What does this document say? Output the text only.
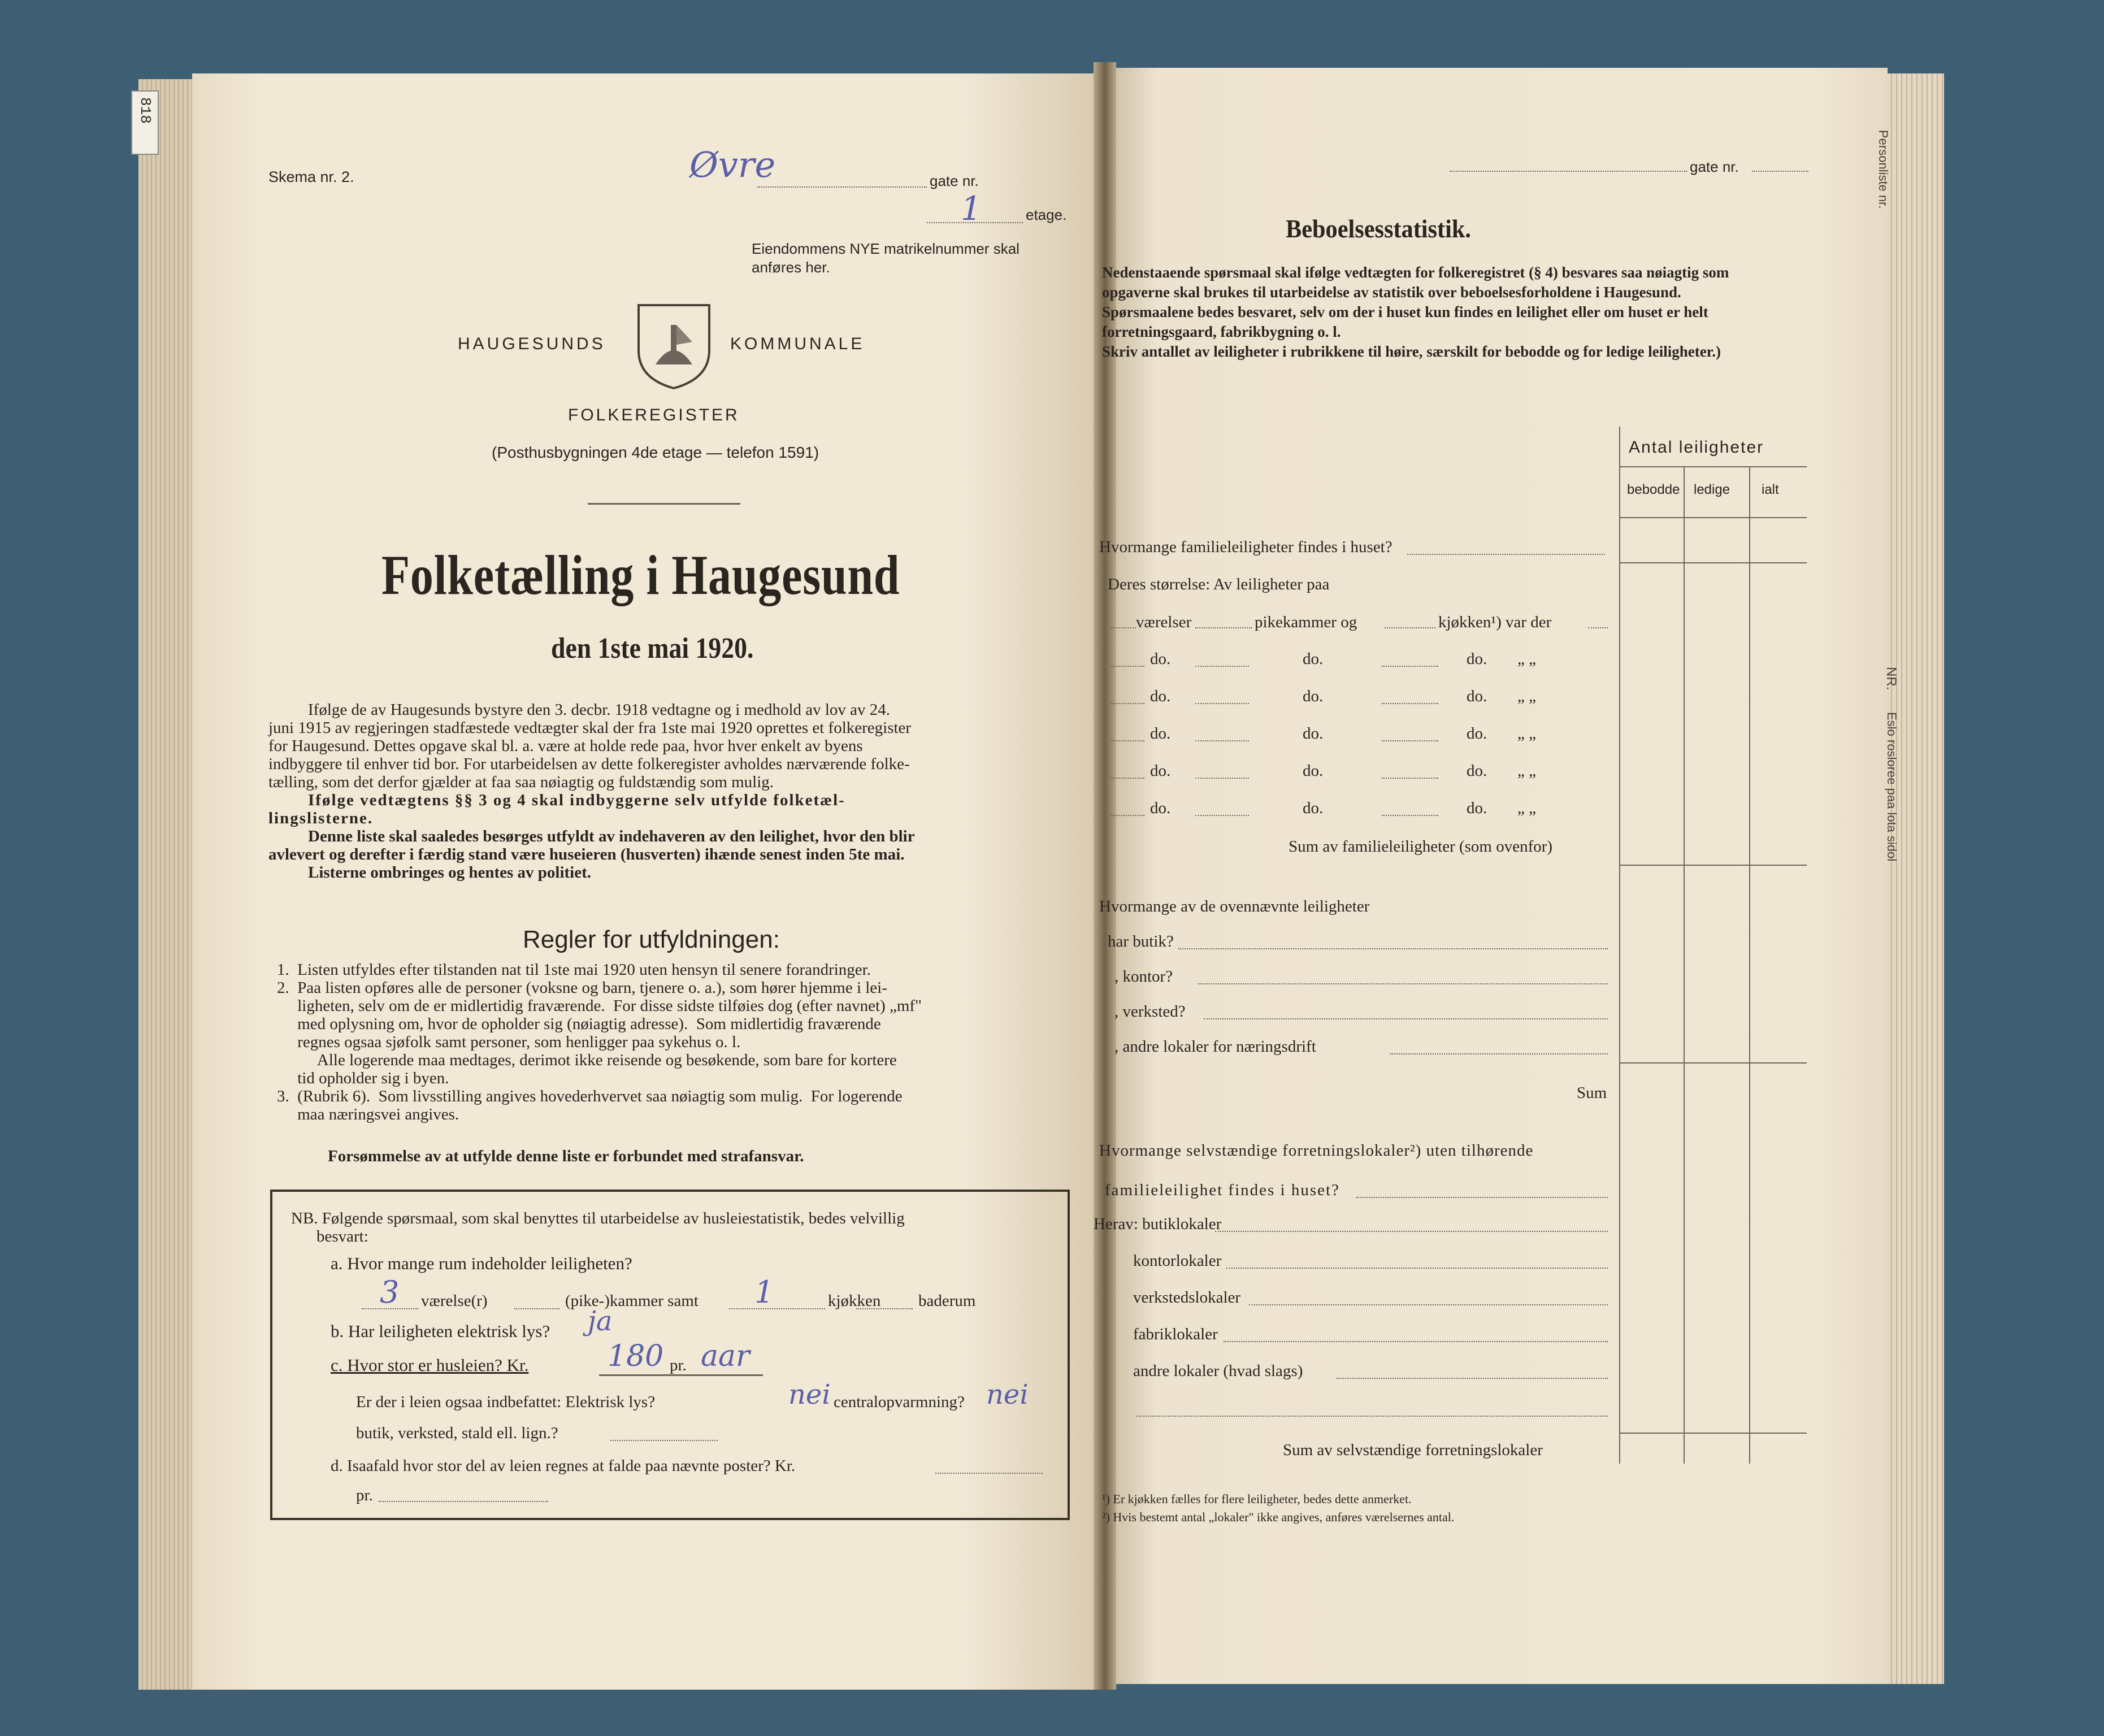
818
Skema nr. 2.	Øvre	gate nr.
1	etage.
Eiendommens NYE matrikelnummer skal
anføres her.
HAUGESUNDS	KOMMUNALE
FOLKEREGISTER
(Posthusbygningen 4de etage — telefon 1591)
Folketælling i Haugesund
den 1ste mai 1920.
Ifølge de av Haugesunds bystyre den 3. decbr. 1918 vedtagne og i medhold av lov av 24.
juni 1915 av regjeringen stadfæstede vedtægter skal der fra 1ste mai 1920 oprettes et folkeregister
for Haugesund. Dettes opgave skal bl. a. være at holde rede paa, hvor hver enkelt av byens
indbyggere til enhver tid bor. For utarbeidelsen av dette folkeregister avholdes nærværende folke-
tælling, som det derfor gjælder at faa saa nøiagtig og fuldstændig som mulig.
Ifølge vedtægtens §§ 3 og 4 skal indbyggerne selv utfylde folketæl-
lingslisterne.
Denne liste skal saaledes besørges utfyldt av indehaveren av den leilighet, hvor den blir
avlevert og derefter i færdig stand være huseieren (husverten) ihænde senest inden 5te mai.
Listerne ombringes og hentes av politiet.
Regler for utfyldningen:
1.  Listen utfyldes efter tilstanden nat til 1ste mai 1920 uten hensyn til senere forandringer.
2.  Paa listen opføres alle de personer (voksne og barn, tjenere o. a.), som hører hjemme i lei-
ligheten, selv om de er midlertidig fraværende.  For disse sidste tilføies dog (efter navnet) „mf"
med oplysning om, hvor de opholder sig (nøiagtig adresse).  Som midlertidig fraværende
regnes ogsaa sjøfolk samt personer, som henligger paa sykehus o. l.
Alle logerende maa medtages, derimot ikke reisende og besøkende, som bare for kortere
tid opholder sig i byen.
3.  (Rubrik 6).  Som livsstilling angives hovederhvervet saa nøiagtig som mulig.  For logerende
maa næringsvei angives.
Forsømmelse av at utfylde denne liste er forbundet med strafansvar.
NB. Følgende spørsmaal, som skal benyttes til utarbeidelse av husleiestatistik, bedes velvillig
besvart:
a. Hvor mange rum indeholder leiligheten?
3 værelse(r)	(pike-)kammer samt 1	kjøkken baderum
b. Har leiligheten elektrisk lys? ja
c. Hvor stor er husleien? Kr.	180 pr. aar
Er der i leien ogsaa indbefattet: Elektrisk lys?	nei centralopvarmning? nei
butik, verksted, stald ell. lign.?
d. Isaafald hvor stor del av leien regnes at falde paa nævnte poster? Kr.
pr.
gate nr.
Beboelsesstatistik.
Nedenstaaende spørsmaal skal ifølge vedtægten for folkeregistret (§ 4) besvares saa nøiagtig som
opgaverne skal brukes til utarbeidelse av statistik over beboelsesforholdene i Haugesund.
Spørsmaalene bedes besvaret, selv om der i huset kun findes en leilighet eller om huset er helt
forretningsgaard, fabrikbygning o. l.
Skriv antallet av leiligheter i rubrikkene til høire, særskilt for bebodde og for ledige leiligheter.)
Antal leiligheter
bebodde ledige ialt
Hvormange familieleiligheter findes i huset?
Deres størrelse: Av leiligheter paa
værelser	pikekammer og	kjøkken¹) var der
do.	do.	do. „ „
do.	do.	do. „ „
do.	do.	do. „ „
do.	do.	do. „ „
do.	do.	do. „ „
Sum av familieleiligheter (som ovenfor)
Hvormange av de ovennævnte leiligheter
har butik?
, kontor?
, verksted?
, andre lokaler for næringsdrift
Sum
Hvormange selvstændige forretningslokaler²) uten tilhørende
familieleilighet findes i huset?
Herav: butiklokaler
kontorlokaler
verkstedslokaler
fabriklokaler
andre lokaler (hvad slags)
Sum av selvstændige forretningslokaler
¹) Er kjøkken fælles for flere leiligheter, bedes dette anmerket.
²) Hvis bestemt antal „lokaler" ikke angives, anføres værelsernes antal.
Personliste nr.
NR.
Eslo rosloree paa lota sidol
